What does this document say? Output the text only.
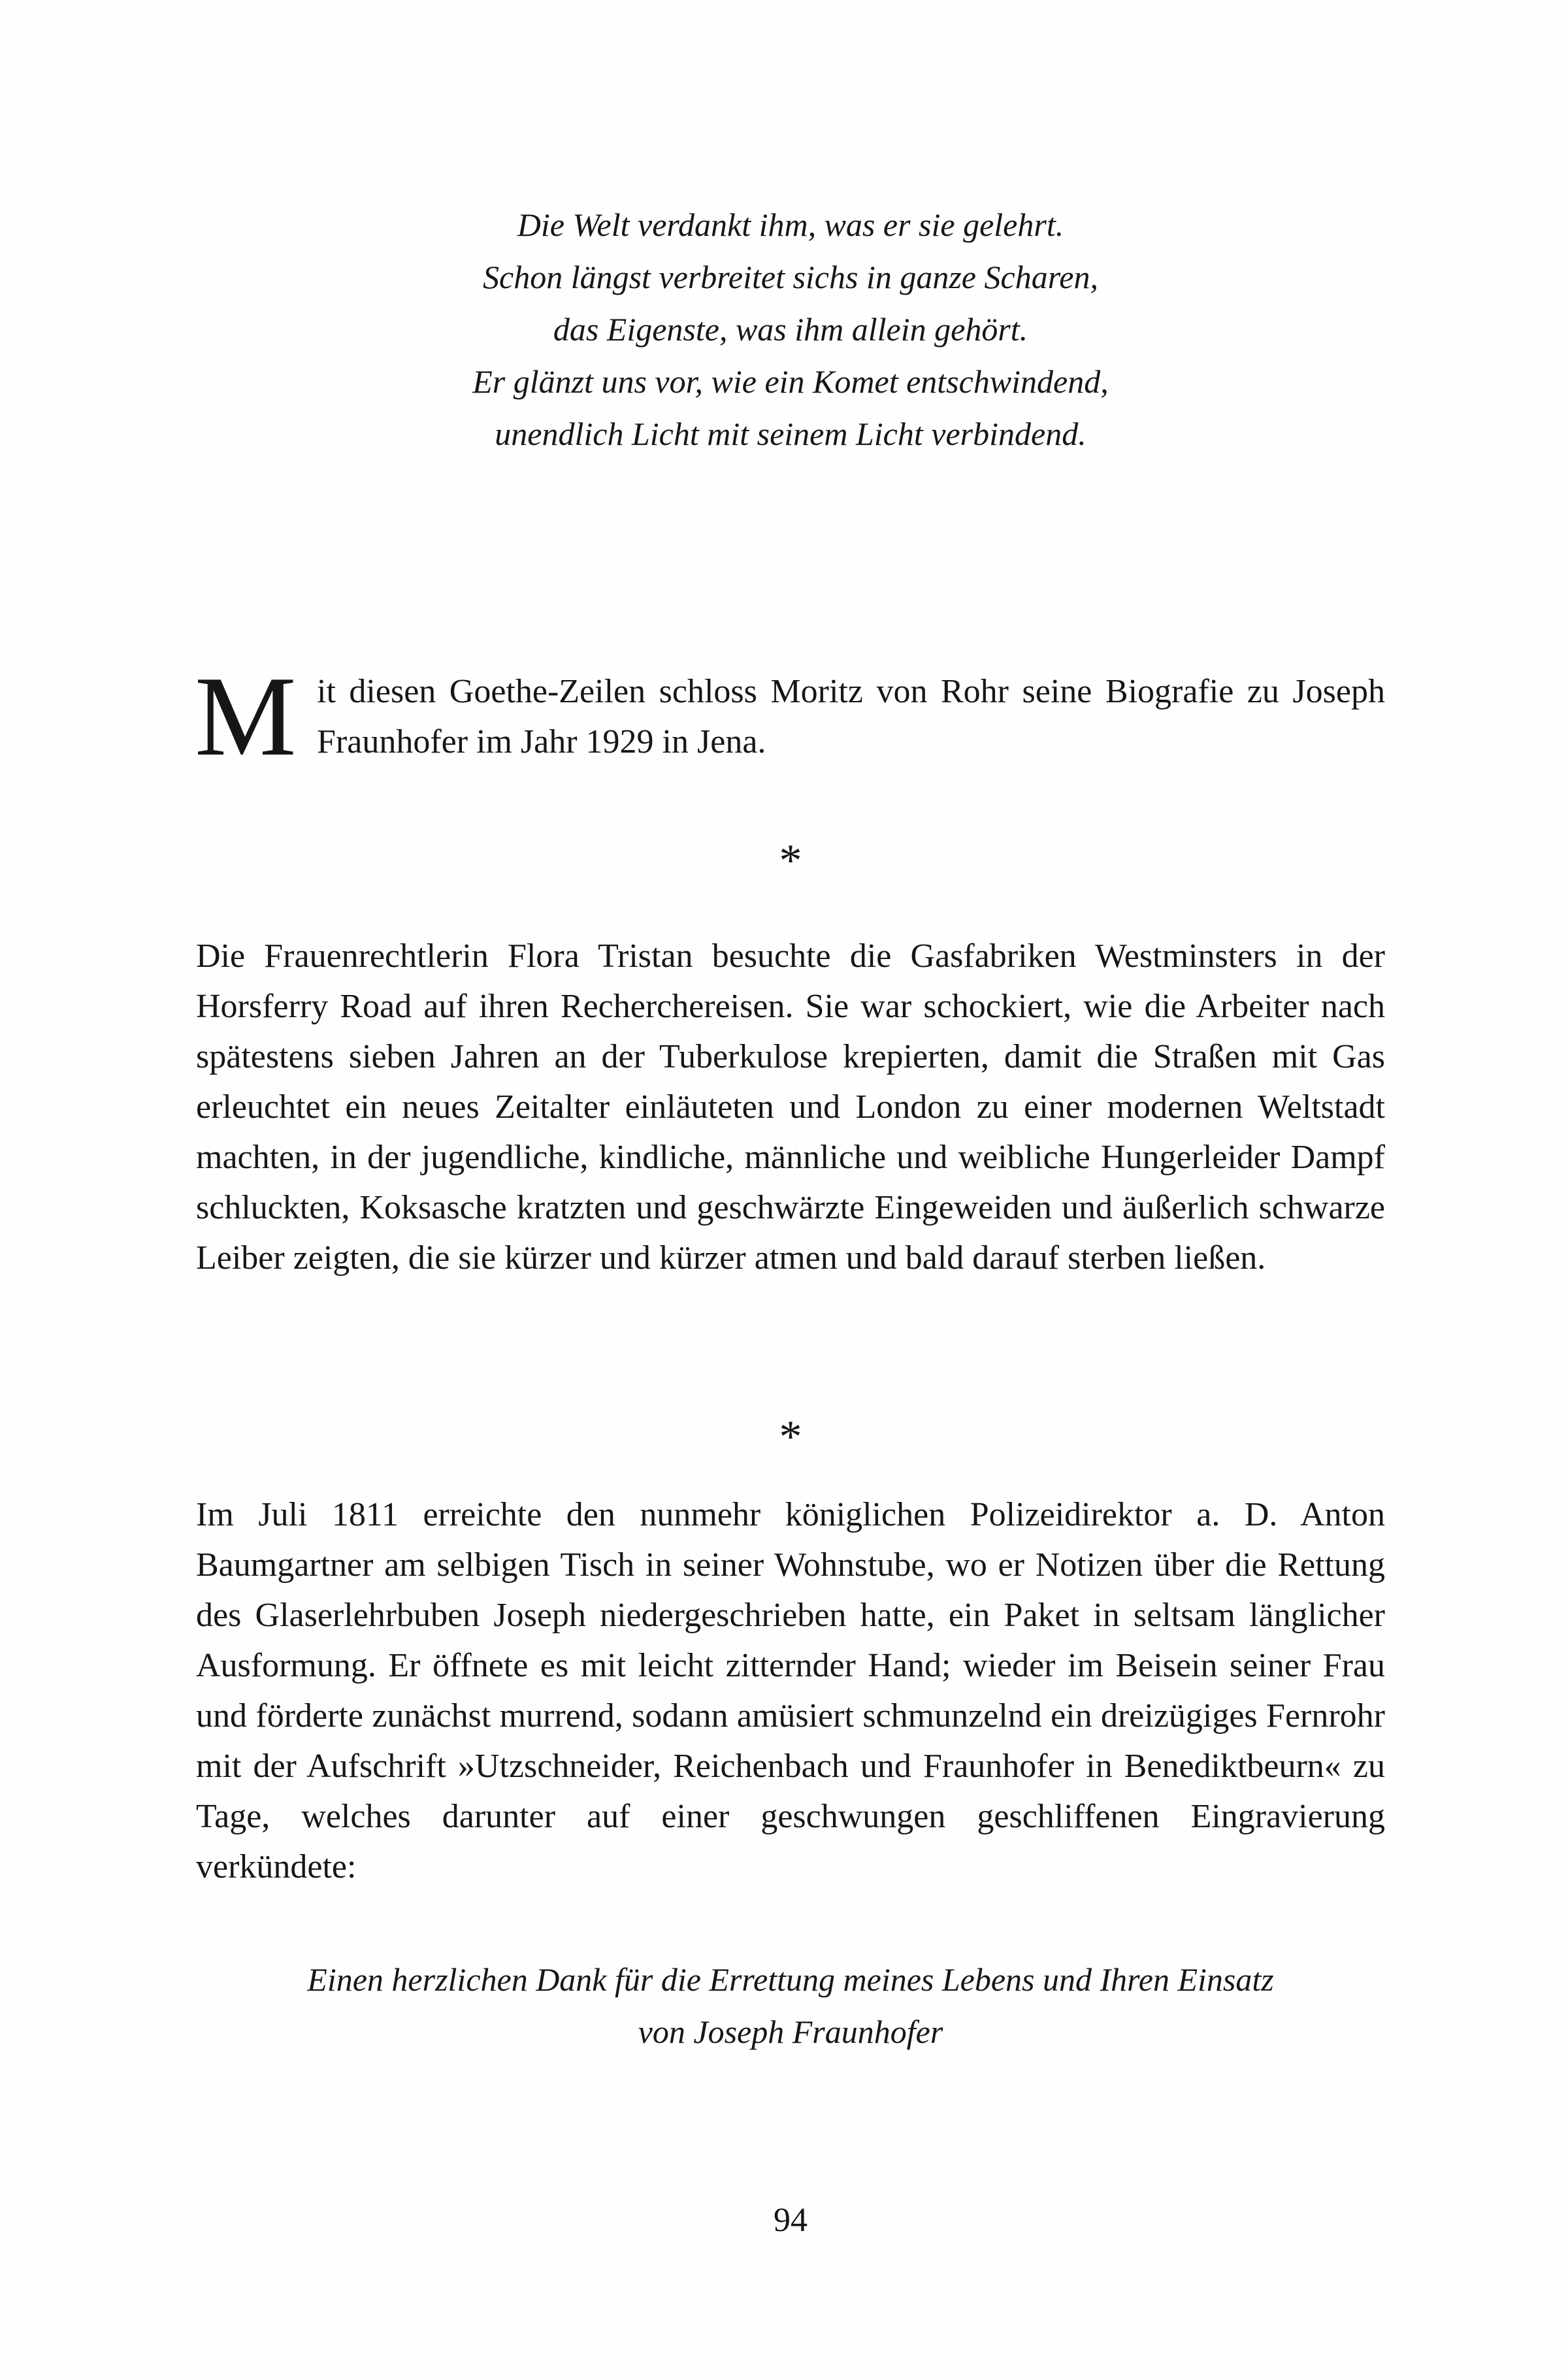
Die Welt verdankt ihm, was er sie gelehrt.
Schon längst verbreitet sichs in ganze Scharen,
das Eigenste, was ihm allein gehört.
Er glänzt uns vor, wie ein Komet entschwindend,
unendlich Licht mit seinem Licht verbindend.
M it diesen Goethe-Zeilen schloss Moritz von Rohr seine Biografie zu Joseph Fraunhofer im Jahr 1929 in Jena.
*
Die Frauenrechtlerin Flora Tristan besuchte die Gasfabriken Westminsters in der Horsferry Road auf ihren Recherchereisen. Sie war schockiert, wie die Arbeiter nach spätestens sieben Jahren an der Tuberkulose krepierten, damit die Straßen mit Gas erleuchtet ein neues Zeitalter einläuteten und London zu einer modernen Weltstadt machten, in der jugendliche, kindliche, männliche und weibliche Hungerleider Dampf schluckten, Koksasche kratzten und geschwärzte Eingeweiden und äußerlich schwarze Leiber zeigten, die sie kürzer und kürzer atmen und bald darauf sterben ließen.
*
Im Juli 1811 erreichte den nunmehr königlichen Polizeidirektor a. D. Anton Baumgartner am selbigen Tisch in seiner Wohnstube, wo er Notizen über die Rettung des Glaserlehrbuben Joseph niedergeschrieben hatte, ein Paket in seltsam länglicher Ausformung. Er öffnete es mit leicht zitternder Hand; wieder im Beisein seiner Frau und förderte zunächst murrend, sodann amüsiert schmunzelnd ein dreizügiges Fernrohr mit der Aufschrift »Utzschneider, Reichenbach und Fraunhofer in Benediktbeurn« zu Tage, welches darunter auf einer geschwungen geschliffenen Eingravierung verkündete:
Einen herzlichen Dank für die Errettung meines Lebens und Ihren Einsatz
von Joseph Fraunhofer
94
